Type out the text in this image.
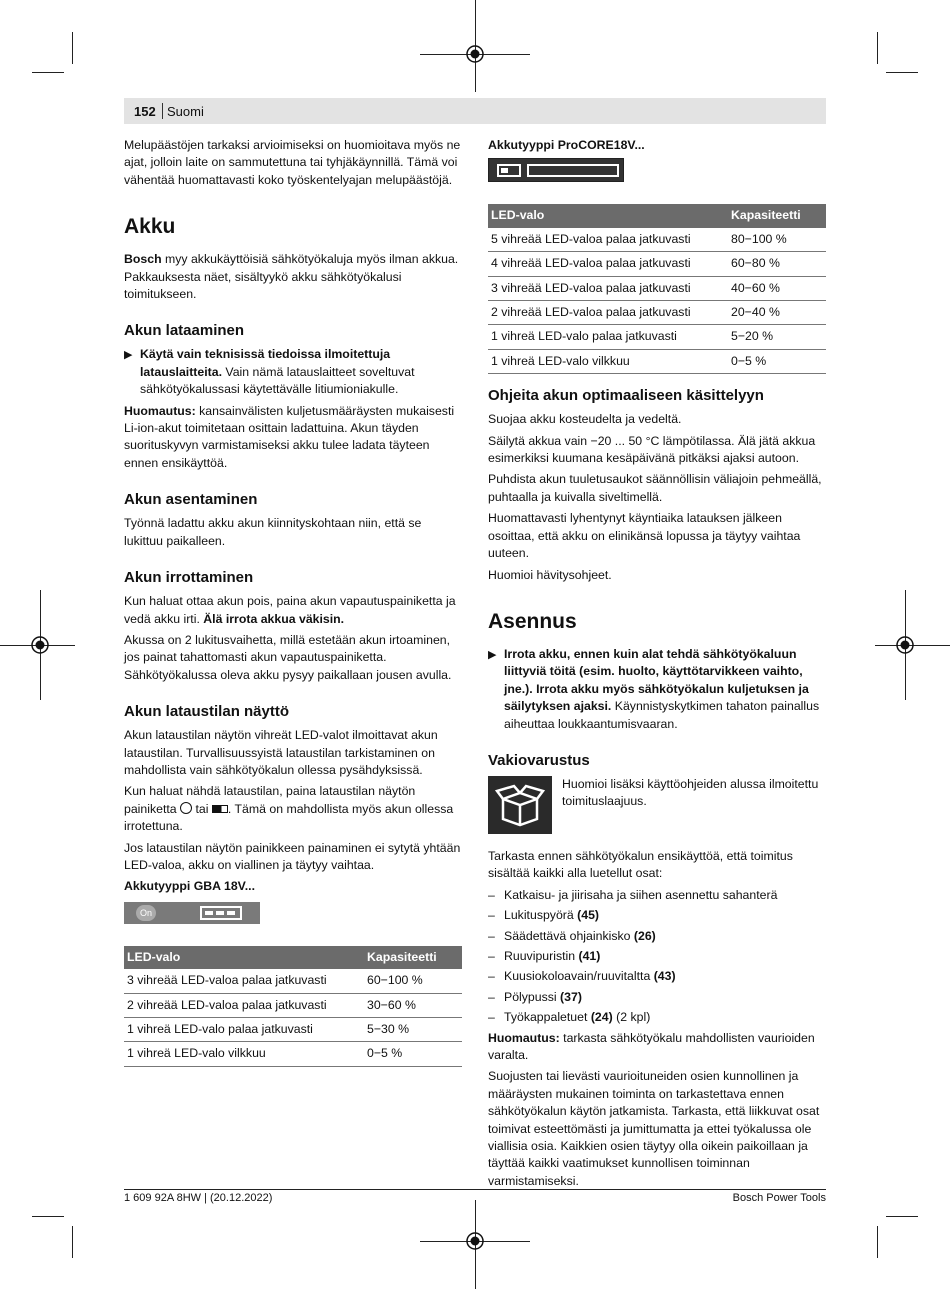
152 Suomi

Melupäästöjen tarkaksi arvioimiseksi on huomioitava myös ne ajat, jolloin laite on sammutettuna tai tyhjäkäynnillä. Tämä voi vähentää huomattavasti koko työskentelyajan melupäästöjä.

Akku

Bosch myy akkukäyttöisiä sähkötyökaluja myös ilman akkua. Pakkauksesta näet, sisältyykö akku sähkötyökalusi toimitukseen.

Akun lataaminen
▶ Käytä vain teknisissä tiedoissa ilmoitettuja latauslaitteita. Vain nämä latauslaitteet soveltuvat sähkötyökalussasi käytettävälle litiumioniakulle.

Huomautus: kansainvälisten kuljetusmääräysten mukaisesti Li-ion-akut toimitetaan osittain ladattuina. Akun täyden suorituskyvyn varmistamiseksi akku tulee ladata täyteen ennen ensikäyttöä.

Akun asentaminen

Työnnä ladattu akku akun kiinnityskohtaan niin, että se lukittuu paikalleen.

Akun irrottaminen

Kun haluat ottaa akun pois, paina akun vapautuspainiketta ja vedä akku irti. Älä irrota akkua väkisin.

Akussa on 2 lukitusvaihetta, millä estetään akun irtoaminen, jos painat tahattomasti akun vapautuspainiketta. Sähkötyökalussa oleva akku pysyy paikallaan jousen avulla.

Akun lataustilan näyttö

Akun lataustilan näytön vihreät LED-valot ilmoittavat akun lataustilan. Turvallisuussyistä lataustilan tarkistaminen on mahdollista vain sähkötyökalun ollessa pysähdyksissä.

Kun haluat nähdä lataustilan, paina lataustilan näytön painiketta  tai . Tämä on mahdollista myös akun ollessa irrotettuna.

Jos lataustilan näytön painikkeen painaminen ei sytytä yhtään LED-valoa, akku on viallinen ja täytyy vaihtaa.

Akkutyyppi GBA 18V...

On
LED-valo	Kapasiteetti
3 vihreää LED-valoa palaa jatkuvasti	60−100 %
2 vihreää LED-valoa palaa jatkuvasti	30−60 %
1 vihreä LED-valo palaa jatkuvasti	5−30 %
1 vihreä LED-valo vilkkuu	0−5 %

Akkutyyppi ProCORE18V...

LED-valo	Kapasiteetti
5 vihreää LED-valoa palaa jatkuvasti	80−100 %
4 vihreää LED-valoa palaa jatkuvasti	60−80 %
3 vihreää LED-valoa palaa jatkuvasti	40−60 %
2 vihreää LED-valoa palaa jatkuvasti	20−40 %
1 vihreä LED-valo palaa jatkuvasti	5−20 %
1 vihreä LED-valo vilkkuu	0−5 %
Ohjeita akun optimaaliseen käsittelyyn

Suojaa akku kosteudelta ja vedeltä.

Säilytä akkua vain −20 ... 50 °C lämpötilassa. Älä jätä akkua esimerkiksi kuumana kesäpäivänä pitkäksi ajaksi autoon.

Puhdista akun tuuletusaukot säännöllisin väliajoin pehmeällä, puhtaalla ja kuivalla siveltimellä.

Huomattavasti lyhentynyt käyntiaika latauksen jälkeen osoittaa, että akku on elinikänsä lopussa ja täytyy vaihtaa uuteen.

Huomioi hävitysohjeet.

Asennus
▶ Irrota akku, ennen kuin alat tehdä sähkötyökaluun liittyviä töitä (esim. huolto, käyttötarvikkeen vaihto, jne.). Irrota akku myös sähkötyökalun kuljetuksen ja säilytyksen ajaksi. Käynnistyskytkimen tahaton painallus aiheuttaa loukkaantumisvaaran.
Vakiovarustus
Huomioi lisäksi käyttöohjeiden alussa ilmoitettu toimituslaajuus.

Tarkasta ennen sähkötyökalun ensikäyttöä, että toimitus sisältää kaikki alla luetellut osat:

– Katkaisu- ja jiirisaha ja siihen asennettu sahanterä
– Lukituspyörä (45)
– Säädettävä ohjainkisko (26)
– Ruuvipuristin (41)
– Kuusiokoloavain/ruuvitaltta (43)
– Pölypussi (37)
– Työkappaletuet (24) (2 kpl)

Huomautus: tarkasta sähkötyökalu mahdollisten vaurioiden varalta.

Suojusten tai lievästi vaurioituneiden osien kunnollinen ja määräysten mukainen toiminta on tarkastettava ennen sähkötyökalun käytön jatkamista. Tarkasta, että liikkuvat osat toimivat esteettömästi ja jumittumatta ja ettei työkalussa ole viallisia osia. Kaikkien osien täytyy olla oikein paikoillaan ja täyttää kaikki vaatimukset kunnollisen toiminnan varmistamiseksi.

1 609 92A 8HW | (20.12.2022)	Bosch Power Tools
